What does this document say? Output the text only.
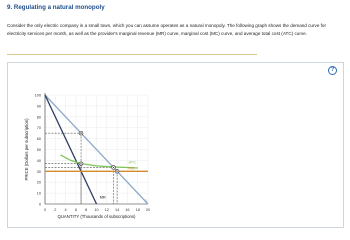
9. Regulating a natural monopoly
Consider the only electric company in a small town, which you can assume operates as a natural monopoly. The following graph shows the demand curve for electricity services per month, as well as the provider's marginal revenue (MR) curve, marginal cost (MC) curve, and average total cost (ATC) curve.
?
0
10
20
30
40
50
60
70
80
90
100
0 2 4 6 8 10 12 14 16 18 20
QUANTITY (Thousands of subscriptions)
PRICE (Dollars per subscription)
D
MR
ATC
MC
